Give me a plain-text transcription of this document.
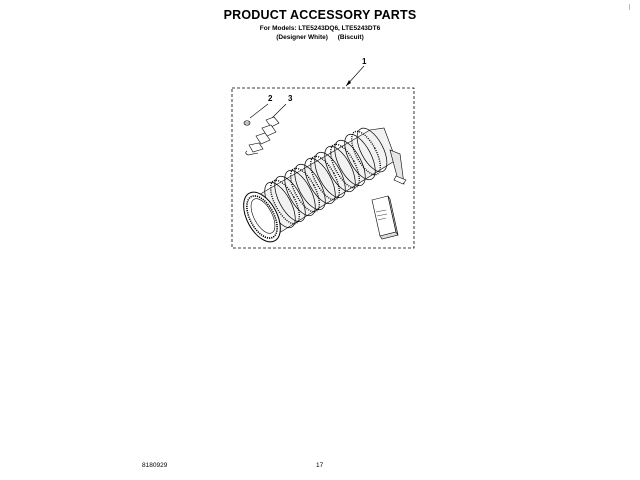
PRODUCT ACCESSORY PARTS
For Models: LTE5243DQ6, LTE5243DT6
(Designer White) (Biscuit)
1
2 3
8180929	17
